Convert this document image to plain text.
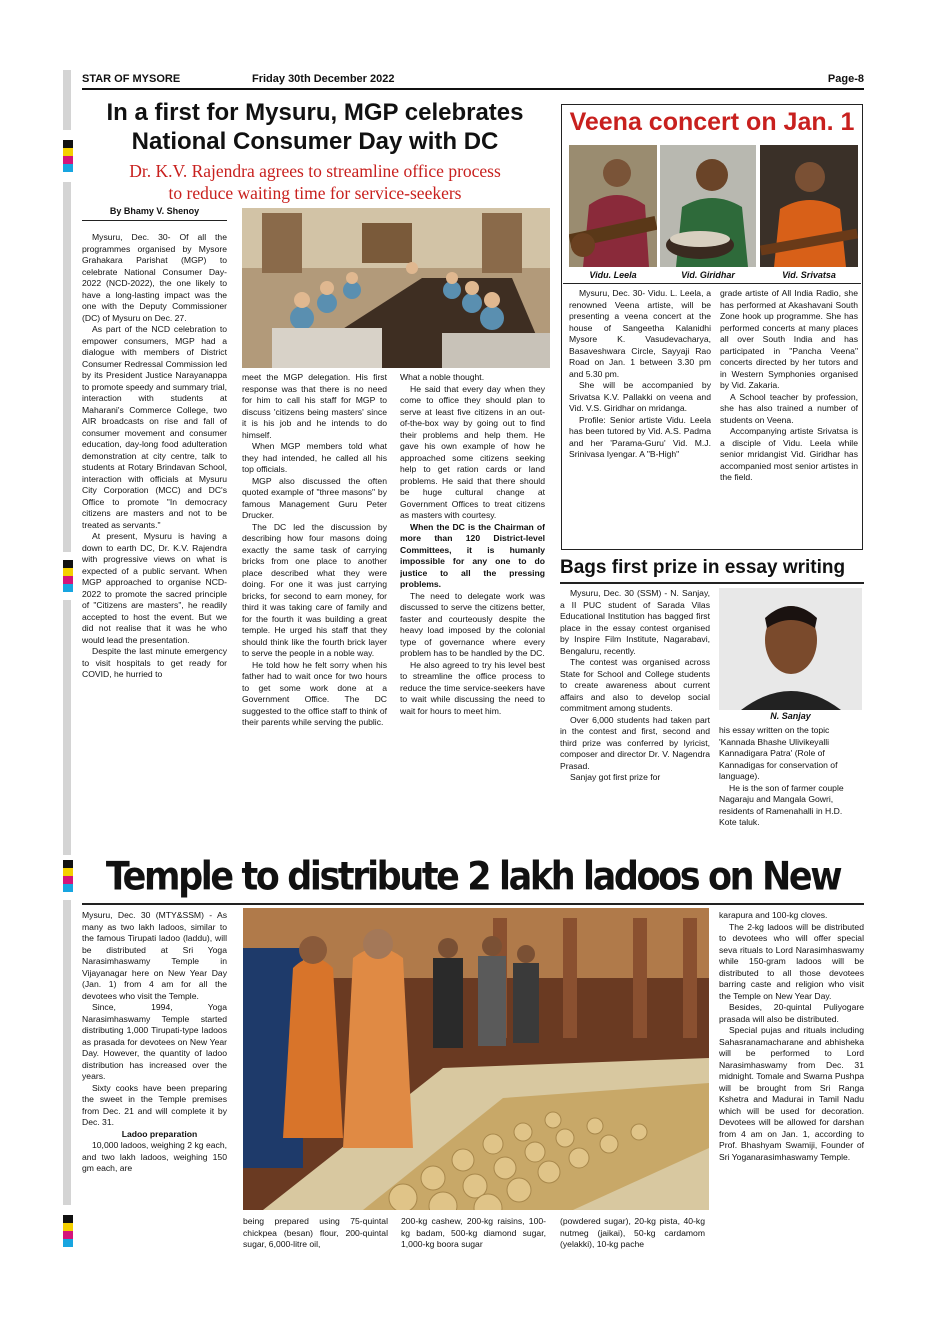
STAR OF MYSORE	Friday 30th December 2022	Page-8
In a first for Mysuru, MGP celebrates
National Consumer Day with DC
Dr. K.V. Rajendra agrees to streamline office process
to reduce waiting time for service-seekers
By Bhamy V. Shenoy

Mysuru, Dec. 30- Of all the programmes organised by Mysore Grahakara Parishat (MGP) to celebrate National Consumer Day-2022 (NCD-2022), the one likely to have a long-lasting impact was the one with the Deputy Commissioner (DC) of Mysuru on Dec. 27.

As part of the NCD celebration to empower consumers, MGP had a dialogue with members of District Consumer Redressal Commission led by its President Justice Narayanappa to promote speedy and summary trial, interaction with students at Maharani's Commerce College, two AIR broadcasts on rise and fall of consumer movement and consumer education, day-long food adulteration demonstration at city centre, talk to students at Rotary Brindavan School, interaction with officials at Mysuru City Corporation (MCC) and DC's Office to promote "In democracy citizens are masters and not to be treated as servants."

At present, Mysuru is having a down to earth DC, Dr. K.V. Rajendra with progressive views on what is expected of a public servant. When MGP approached to organise NCD-2022 to promote the sacred principle of "Citizens are masters", he readily accepted to host the event. But we did not realise that it was he who would lead the presentation.

Despite the last minute emergency to visit hospitals to get ready for COVID, he hurried to

meet the MGP delegation. His first response was that there is no need for him to call his staff for MGP to discuss 'citizens being masters' since it is his job and he intends to do himself.

When MGP members told what they had intended, he called all his top officials.

MGP also discussed the often quoted example of "three masons" by famous Management Guru Peter Drucker.

The DC led the discussion by describing how four masons doing exactly the same task of carrying bricks from one place to another place described what they were doing. For one it was just carrying bricks, for second to earn money, for third it was taking care of family and for the fourth it was building a great temple. He urged his staff that they should think like the fourth brick layer to serve the people in a noble way.

He told how he felt sorry when his father had to wait once for two hours to get some work done at a Government Office. The DC suggested to the office staff to think of their parents while serving the public.

What a noble thought.

He said that every day when they come to office they should plan to serve at least five citizens in an out-of-the-box way by going out to find their problems and help them. He gave his own example of how he approached some citizens seeking help to get ration cards or land problems. He said that there should be huge cultural change at Government Offices to treat citizens as masters with courtesy.

When the DC is the Chairman of more than 120 District-level Committees, it is humanly impossible for any one to do justice to all the pressing problems.

The need to delegate work was discussed to serve the citizens better, faster and courteously despite the heavy load imposed by the colonial type of governance where every problem has to be handled by the DC.

He also agreed to try his level best to streamline the office process to reduce the time service-seekers have to wait while discussing the need to wait for hours to meet him.

Veena concert on Jan. 1
Vidu. Leela	Vid. Giridhar	Vid. Srivatsa

Mysuru, Dec. 30- Vidu. L. Leela, a renowned Veena artiste, will be presenting a veena concert at the house of Sangeetha Kalanidhi Mysore K. Vasudevacharya, Basaveshwara Circle, Sayyaji Rao Road on Jan. 1 between 3.30 pm and 5.30 pm.

She will be accompanied by Srivatsa K.V. Pallakki on veena and Vid. V.S. Giridhar on mridanga.

Profile: Senior artiste Vidu. Leela has been tutored by Vid. A.S. Padma and her 'Parama-Guru' Vid. M.J. Srinivasa Iyengar. A "B-High"

grade artiste of All India Radio, she has performed at Akashavani South Zone hook up programme. She has performed concerts at many places all over South India and has participated in "Pancha Veena" concerts directed by her tutors and in Western Symphonies organised by Vid. Zakaria.

A School teacher by profession, she has also trained a number of students on Veena.

Accompanying artiste Srivatsa is a disciple of Vidu. Leela while senior mridangist Vid. Giridhar has accompanied most senior artistes in the field.

Bags first prize in essay writing
N. Sanjay

Mysuru, Dec. 30 (SSM) - N. Sanjay, a II PUC student of Sarada Vilas Educational Institution has bagged first place in the essay contest organised by Inspire Film Institute, Nagarabavi, Bengaluru, recently.

The contest was organised across State for School and College students to create awareness about current affairs and also to develop social commitment among students.

Over 6,000 students had taken part in the contest and first, second and third prize was conferred by lyricist, composer and director Dr. V. Nagendra Prasad.

Sanjay got first prize for

his essay written on the topic 'Kannada Bhashe Ulivikeyalli Kannadigara Patra' (Role of Kannadigas for conservation of language).

He is the son of farmer couple Nagaraju and Mangala Gowri, residents of Ramenahalli in H.D. Kote taluk.

Temple to distribute 2 lakh ladoos on New

Mysuru, Dec. 30 (MTY&SSM) - As many as two lakh ladoos, similar to the famous Tirupati ladoo (laddu), will be distributed at Sri Yoga Narasimhaswamy Temple in Vijayanagar here on New Year Day (Jan. 1) from 4 am for all the devotees who visit the Temple.

Since, 1994, Yoga Narasimhaswamy Temple started distributing 1,000 Tirupati-type ladoos as prasada for devotees on New Year Day. However, the quantity of ladoo distribution has increased over the years.

Sixty cooks have been preparing the sweet in the Temple premises from Dec. 21 and will complete it by Dec. 31.

Ladoo preparation

10,000 ladoos, weighing 2 kg each, and two lakh ladoos, weighing 150 gm each, are

being prepared using 75-quintal chickpea (besan) flour, 200-quintal sugar, 6,000-litre oil,

200-kg cashew, 200-kg raisins, 100-kg badam, 500-kg diamond sugar, 1,000-kg boora sugar

(powdered sugar), 20-kg pista, 40-kg nutmeg (jaikai), 50-kg cardamom (yelakki), 10-kg pache

karapura and 100-kg cloves.

The 2-kg ladoos will be distributed to devotees who will offer special seva rituals to Lord Narasimhaswamy while 150-gram ladoos will be distributed to all those devotees barring caste and religion who visit the Temple on New Year Day.

Besides, 20-quintal Puliyogare prasada will also be distributed.

Special pujas and rituals including Sahasranamacharane and abhisheka will be performed to Lord Narasimhaswamy from Dec. 31 midnight. Tomale and Swarna Pushpa will be brought from Sri Ranga Kshetra and Madurai in Tamil Nadu which will be used for decoration. Devotees will be allowed for darshan from 4 am on Jan. 1, according to Prof. Bhashyam Swamiji, Founder of Sri Yoganarasimhaswamy Temple.
